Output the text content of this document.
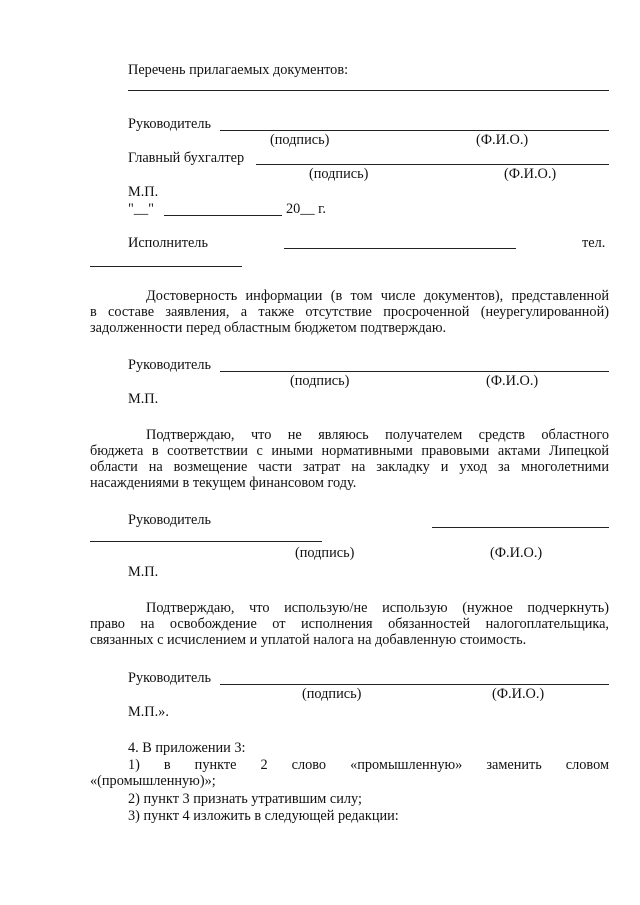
Перечень прилагаемых документов:
Руководитель
(подпись)	(Ф.И.О.)
Главный бухгалтер
(подпись)	(Ф.И.О.)
М.П.
"__"	20__ г.
Исполнитель	тел.
Достоверность информации (в том числе документов), представленной
в составе заявления, а также отсутствие просроченной (неурегулированной)
задолженности перед областным бюджетом подтверждаю.
Руководитель
(подпись)	(Ф.И.О.)
М.П.
Подтверждаю, что не являюсь получателем средств областного
бюджета в соответствии с иными нормативными правовыми актами Липецкой
области на возмещение части затрат на закладку и уход за многолетними
насаждениями в текущем финансовом году.
Руководитель
(подпись)	(Ф.И.О.)
М.П.
Подтверждаю, что использую/не использую (нужное подчеркнуть)
право на освобождение от исполнения обязанностей налогоплательщика,
связанных с исчислением и уплатой налога на добавленную стоимость.
Руководитель
(подпись)	(Ф.И.О.)
М.П.».
4. В приложении 3:
1) в пункте 2 слово «промышленную» заменить словом
«(промышленную)»;
2) пункт 3 признать утратившим силу;
3) пункт 4 изложить в следующей редакции:
